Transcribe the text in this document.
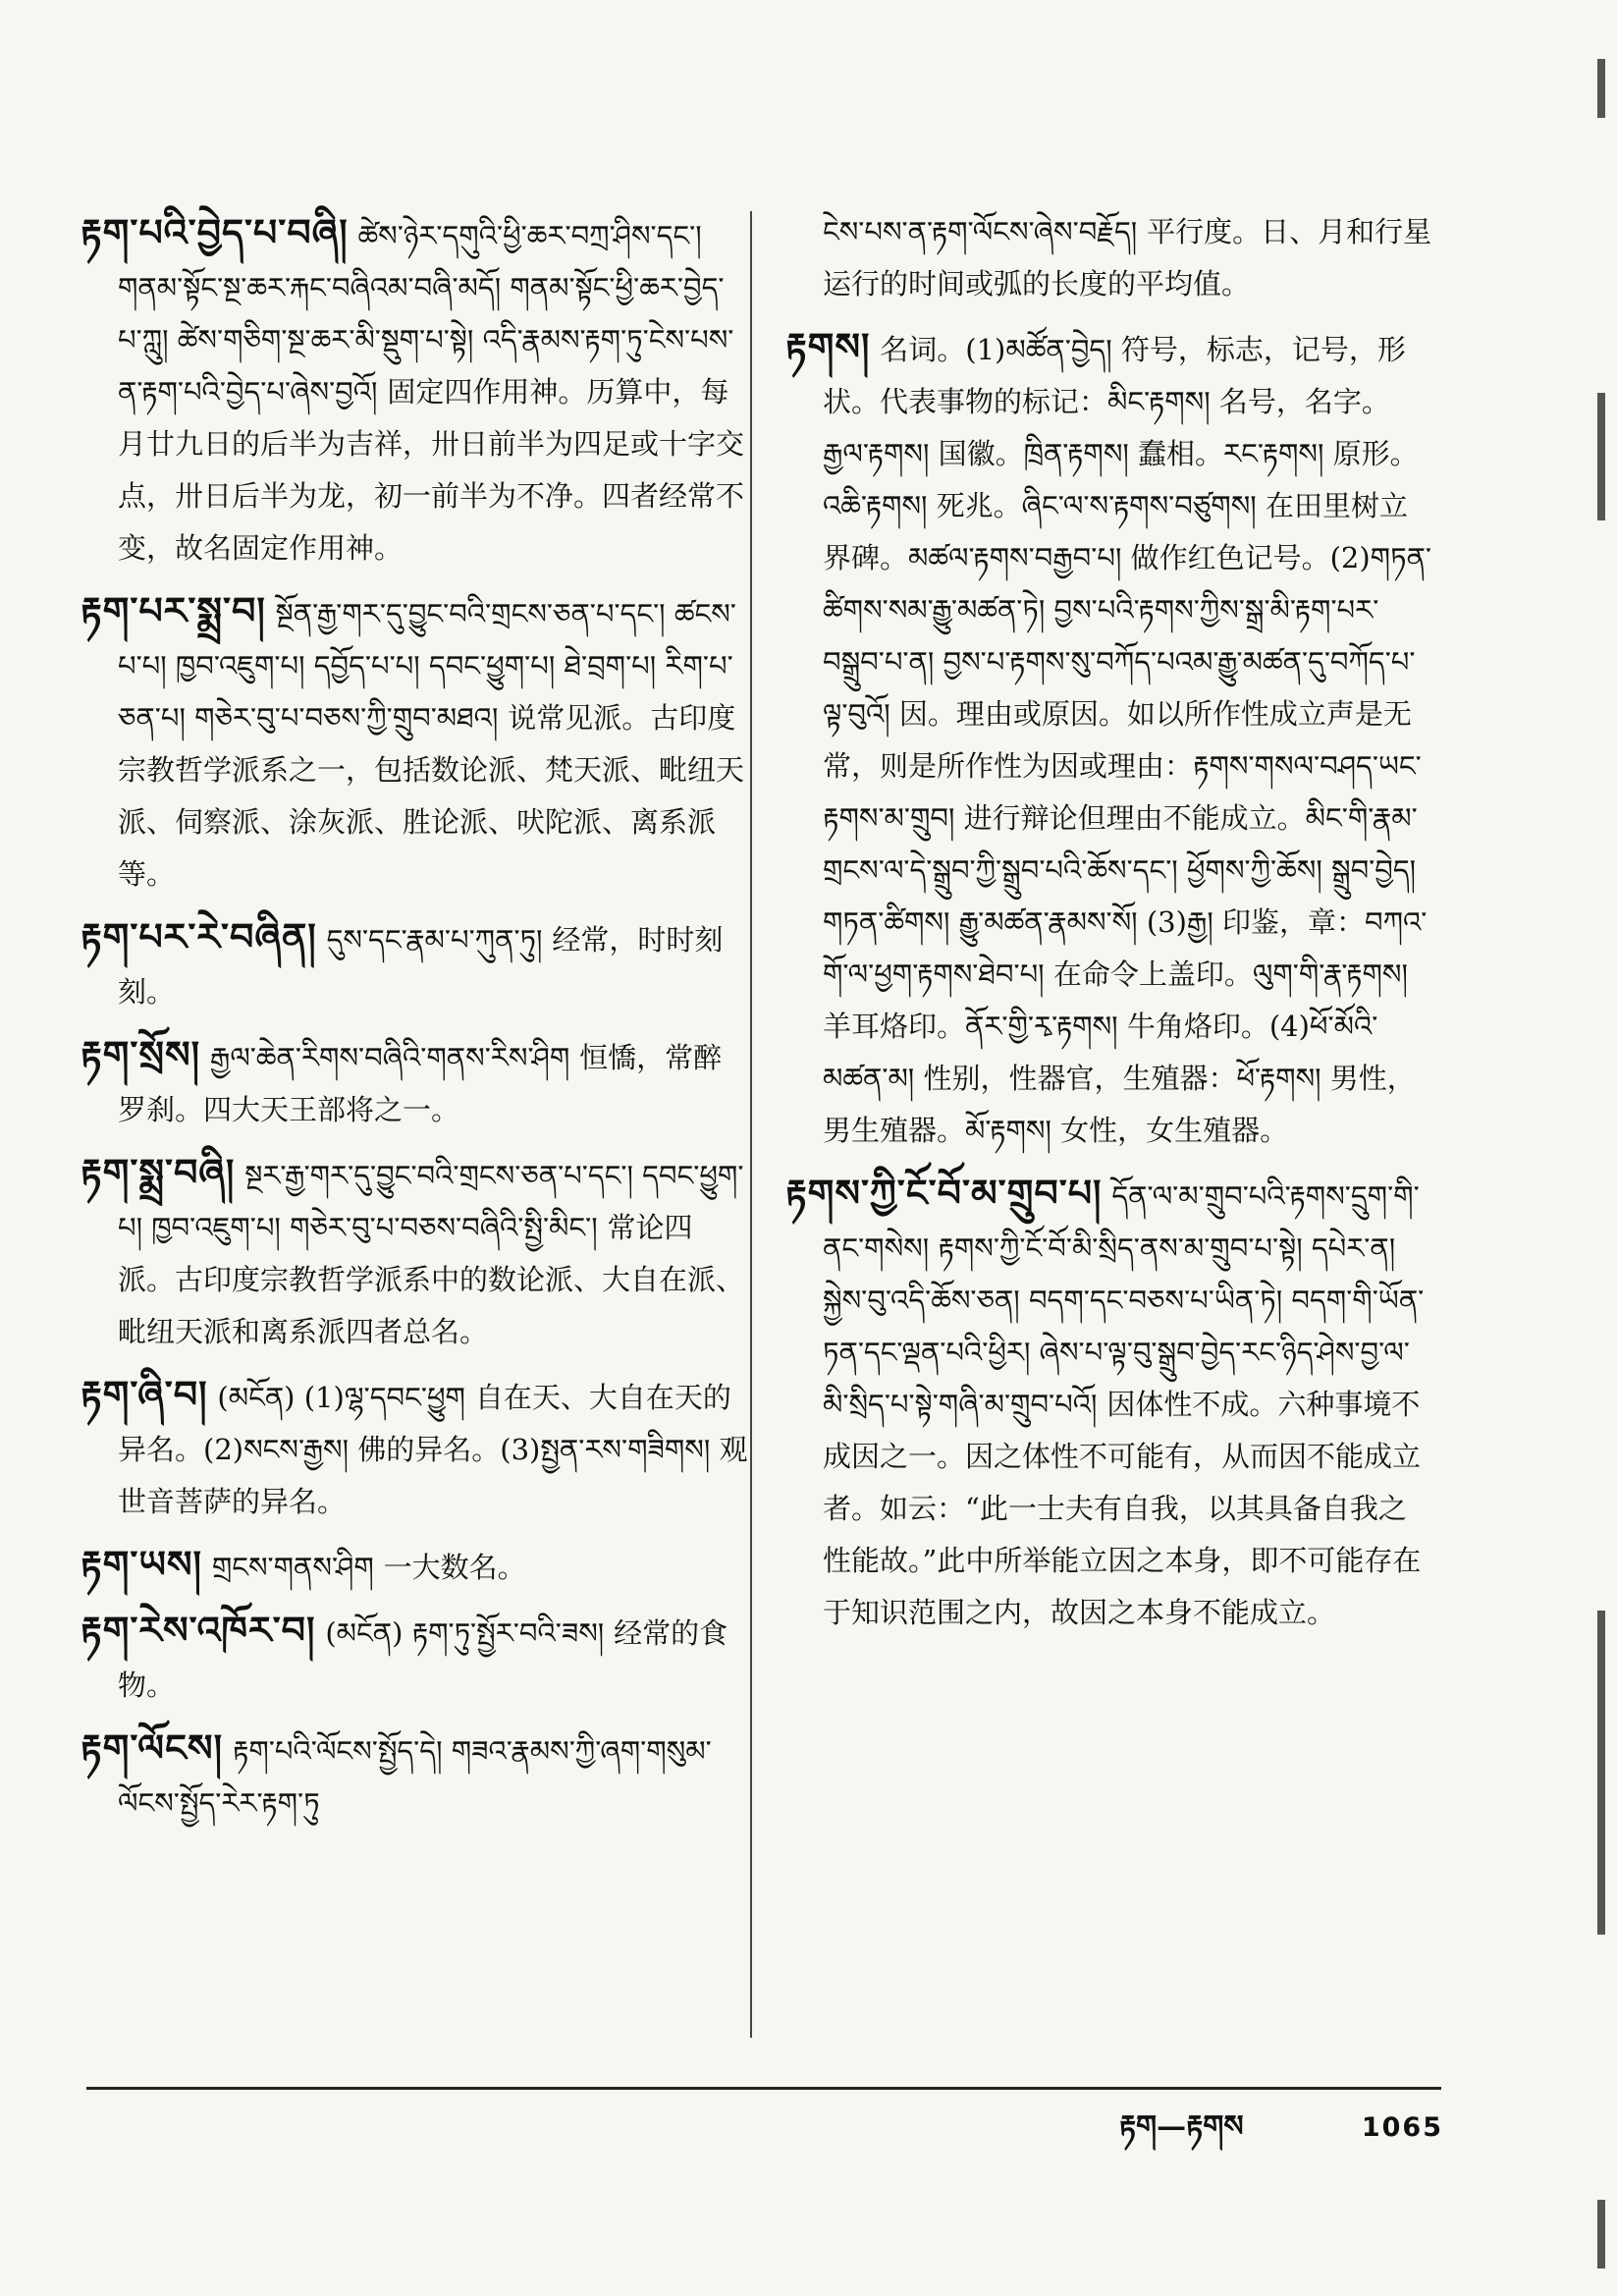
རྟག་པའི་བྱེད་པ་བཞི། ཚེས་ཉེར་དགུའི་ཕྱི་ཆར་བཀྲ་ཤིས་དང་། གནམ་སྟོང་སྔ་ཆར་རྐང་བཞིའམ་བཞི་མདོ། གནམ་སྟོང་ཕྱི་ཆར་བྱེད་པ་ཀླུ། ཚེས་གཅིག་སྔ་ཆར་མི་སྡུག་པ་སྟེ། འདི་རྣམས་རྟག་ཏུ་ངེས་པས་ན་རྟག་པའི་བྱེད་པ་ཞེས་བྱའོ། 固定四作用神。历算中，每月廿九日的后半为吉祥，卅日前半为四足或十字交点，卅日后半为龙，初一前半为不净。四者经常不变，故名固定作用神。
རྟག་པར་སྨྲ་བ། སྔོན་རྒྱ་གར་དུ་བྱུང་བའི་གྲངས་ཅན་པ་དང་། ཚངས་པ་པ། ཁྱབ་འཇུག་པ། དབྱོད་པ་པ། དབང་ཕྱུག་པ། ཐེ་བྲག་པ། རིག་པ་ཅན་པ། གཅེར་བུ་པ་བཅས་ཀྱི་གྲུབ་མཐའ། 说常见派。古印度宗教哲学派系之一，包括数论派、梵天派、毗纽天派、伺察派、涂灰派、胜论派、吠陀派、离系派等。
རྟག་པར་རེ་བཞིན། དུས་དང་རྣམ་པ་ཀུན་ཏུ། 经常，时时刻刻。
རྟག་སྲོས། རྒྱལ་ཆེན་རིགས་བཞིའི་གནས་རིས་ཤིག 恒憍，常醉罗刹。四大天王部将之一。
རྟག་སྨྲ་བཞི། སྔར་རྒྱ་གར་དུ་བྱུང་བའི་གྲངས་ཅན་པ་དང་། དབང་ཕྱུག་པ། ཁྱབ་འཇུག་པ། གཅེར་བུ་པ་བཅས་བཞིའི་སྤྱི་མིང་། 常论四派。古印度宗教哲学派系中的数论派、大自在派、毗纽天派和离系派四者总名。
རྟག་ཞི་བ། (མངོན) (1)ལྷ་དབང་ཕྱུག 自在天、大自在天的异名。(2)སངས་རྒྱས། 佛的异名。(3)སྤྱན་རས་གཟིགས། 观世音菩萨的异名。
རྟག་ཡས། གྲངས་གནས་ཤིག 一大数名。
རྟག་རེས་འཁོར་བ། (མངོན) རྟག་ཏུ་སྤྱོར་བའི་ཟས། 经常的食物。
རྟག་ལོངས། རྟག་པའི་ལོངས་སྤྱོད་དེ། གཟའ་རྣམས་ཀྱི་ཞག་གསུམ་ལོངས་སྤྱོད་རེར་རྟག་ཏུ
ངེས་པས་ན་རྟག་ལོངས་ཞེས་བརྗོད། 平行度。日、月和行星运行的时间或弧的长度的平均值。
རྟགས། 名词。(1)མཚོན་བྱེད། 符号，标志，记号，形状。代表事物的标记：མིང་རྟགས། 名号，名字。རྒྱལ་རྟགས། 国徽。ཁྲིན་རྟགས། 蠢相。རང་རྟགས། 原形。འཆི་རྟགས། 死兆。ཞིང་ལ་ས་རྟགས་བཙུགས། 在田里树立界碑。མཚལ་རྟགས་བརྒྱབ་པ། 做作红色记号。(2)གཏན་ཚིགས་སམ་རྒྱུ་མཚན་ཏེ། བྱས་པའི་རྟགས་ཀྱིས་སྒྲ་མི་རྟག་པར་བསྒྲུབ་པ་ན། བྱས་པ་རྟགས་སུ་བཀོད་པའམ་རྒྱུ་མཚན་དུ་བཀོད་པ་ལྟ་བུའོ། 因。理由或原因。如以所作性成立声是无常，则是所作性为因或理由：རྟགས་གསལ་བཤད་ཡང་རྟགས་མ་གྲུབ། 进行辩论但理由不能成立。མིང་གི་རྣམ་གྲངས་ལ་དེ་སྒྲུབ་ཀྱི་སྒྲུབ་པའི་ཆོས་དང་། ཕྱོགས་ཀྱི་ཆོས། སྒྲུབ་བྱེད། གཏན་ཚིགས། རྒྱུ་མཚན་རྣམས་སོ། (3)རྒྱ། 印鉴，章：བཀའ་གོ་ལ་ཕྱག་རྟགས་ཐེབ་པ། 在命令上盖印。ལུག་གི་རྣ་རྟགས། 羊耳烙印。ནོར་གྱི་རྭ་རྟགས། 牛角烙印。(4)ཕོ་མོའི་མཚན་མ། 性别，性器官，生殖器：ཕོ་རྟགས། 男性，男生殖器。མོ་རྟགས། 女性，女生殖器。
རྟགས་ཀྱི་ངོ་བོ་མ་གྲུབ་པ། དོན་ལ་མ་གྲུབ་པའི་རྟགས་དྲུག་གི་ནང་གསེས། རྟགས་ཀྱི་ངོ་བོ་མི་སྲིད་ནས་མ་གྲུབ་པ་སྟེ། དཔེར་ན། སྐྱེས་བུ་འདི་ཆོས་ཅན། བདག་དང་བཅས་པ་ཡིན་ཏེ། བདག་གི་ཡོན་ཏན་དང་ལྡན་པའི་ཕྱིར། ཞེས་པ་ལྟ་བུ་སྒྲུབ་བྱེད་རང་ཉིད་ཤེས་བྱ་ལ་མི་སྲིད་པ་སྟེ་གཞི་མ་གྲུབ་པའོ། 因体性不成。六种事境不成因之一。因之体性不可能有，从而因不能成立者。如云：“此一士夫有自我，以其具备自我之性能故。”此中所举能立因之本身，即不可能存在于知识范围之内，故因之本身不能成立。
རྟག—རྟགས	1065
